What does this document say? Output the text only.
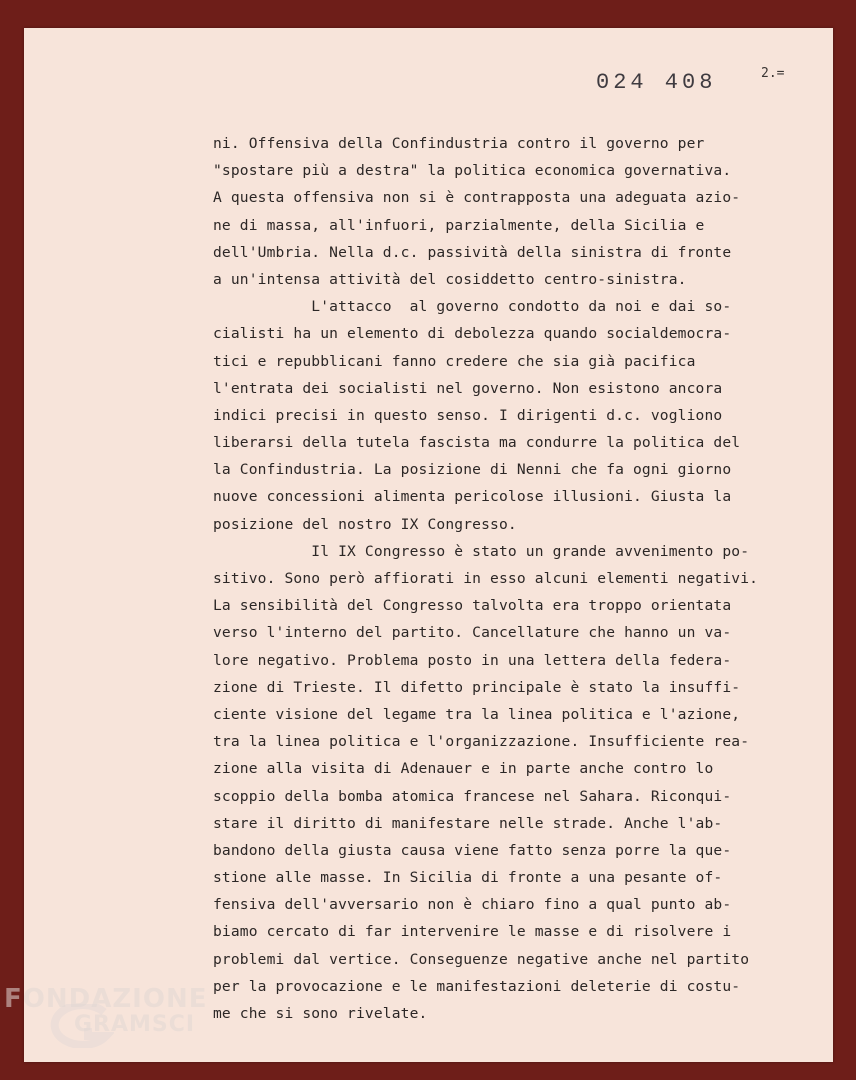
024 408	2.=
ni. Offensiva della Confindustria contro il governo per
"spostare più a destra" la politica economica governativa.
A questa offensiva non si è contrapposta una adeguata azio-
ne di massa, all'infuori, parzialmente, della Sicilia e
dell'Umbria. Nella d.c. passività della sinistra di fronte
a un'intensa attività del cosiddetto centro-sinistra.
L'attacco  al governo condotto da noi e dai so-
cialisti ha un elemento di debolezza quando socialdemocra-
tici e repubblicani fanno credere che sia già pacifica
l'entrata dei socialisti nel governo. Non esistono ancora
indici precisi in questo senso. I dirigenti d.c. vogliono
liberarsi della tutela fascista ma condurre la politica del
la Confindustria. La posizione di Nenni che fa ogni giorno
nuove concessioni alimenta pericolose illusioni. Giusta la
posizione del nostro IX Congresso.
Il IX Congresso è stato un grande avvenimento po-
sitivo. Sono però affiorati in esso alcuni elementi negativi.
La sensibilità del Congresso talvolta era troppo orientata
verso l'interno del partito. Cancellature che hanno un va-
lore negativo. Problema posto in una lettera della federa-
zione di Trieste. Il difetto principale è stato la insuffi-
ciente visione del legame tra la linea politica e l'azione,
tra la linea politica e l'organizzazione. Insufficiente rea-
zione alla visita di Adenauer e in parte anche contro lo
scoppio della bomba atomica francese nel Sahara. Riconqui-
stare il diritto di manifestare nelle strade. Anche l'ab-
bandono della giusta causa viene fatto senza porre la que-
stione alle masse. In Sicilia di fronte a una pesante of-
fensiva dell'avversario non è chiaro fino a qual punto ab-
biamo cercato di far intervenire le masse e di risolvere i
problemi dal vertice. Conseguenze negative anche nel partito
per la provocazione e le manifestazioni deleterie di costu-
me che si sono rivelate.
FONDAZIONE
GRAMSCI
